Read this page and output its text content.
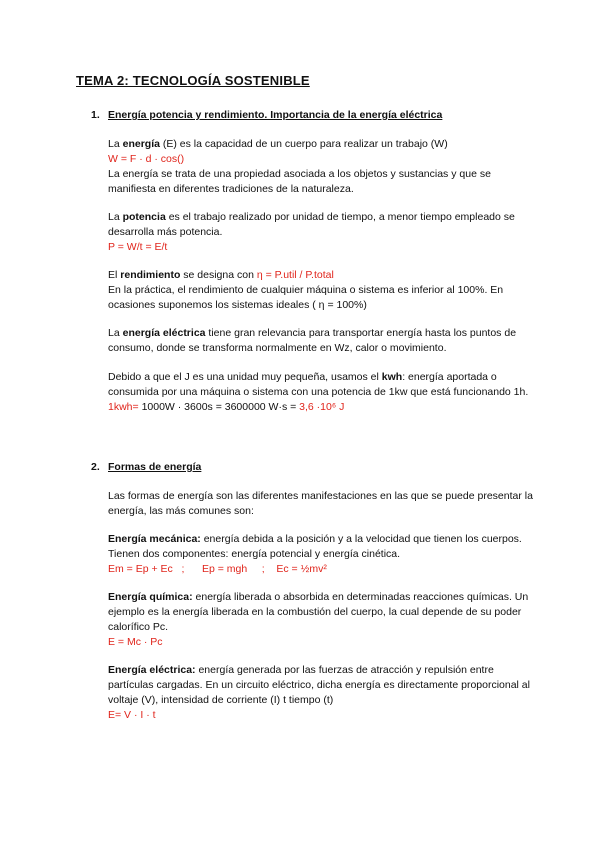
TEMA 2: TECNOLOGÍA SOSTENIBLE
1. Energía potencia y rendimiento. Importancia de la energía eléctrica

La energía (E) es la capacidad de un cuerpo para realizar un trabajo (W)

W = F · d · cos()

La energía se trata de una propiedad asociada a los objetos y sustancias y que se manifiesta en diferentes tradiciones de la naturaleza.

La potencia es el trabajo realizado por unidad de tiempo, a menor tiempo empleado se desarrolla más potencia.

P = W/t = E/t

El rendimiento se designa con η = P.util / P.total

En la práctica, el rendimiento de cualquier máquina o sistema es inferior al 100%. En ocasiones suponemos los sistemas ideales ( η = 100%)

La energía eléctrica tiene gran relevancia para transportar energía hasta los puntos de consumo, donde se transforma normalmente en Wz, calor o movimiento.

Debido a que el J es una unidad muy pequeña, usamos el kwh: energía aportada o consumida por una máquina o sistema con una potencia de 1kw que está funcionando 1h. 1kwh= 1000W · 3600s = 3600000 W·s = 3,6 ·10⁶ J

2. Formas de energía
Las formas de energía son las diferentes manifestaciones en las que se puede presentar la energía, las más comunes son:

Energía mecánica: energía debida a la posición y a la velocidad que tienen los cuerpos. Tienen dos componentes: energía potencial y energía cinética.

Em = Ep + Ec   ;      Ep = mgh     ;    Ec = ½mv²

Energía química: energía liberada o absorbida en determinadas reacciones químicas. Un ejemplo es la energía liberada en la combustión del cuerpo, la cual depende de su poder calorífico Pc.

E = Mc · Pc

Energía eléctrica: energía generada por las fuerzas de atracción y repulsión entre partículas cargadas. En un circuito eléctrico, dicha energía es directamente proporcional al voltaje (V), intensidad de corriente (I) t tiempo (t)

E= V · I · t
